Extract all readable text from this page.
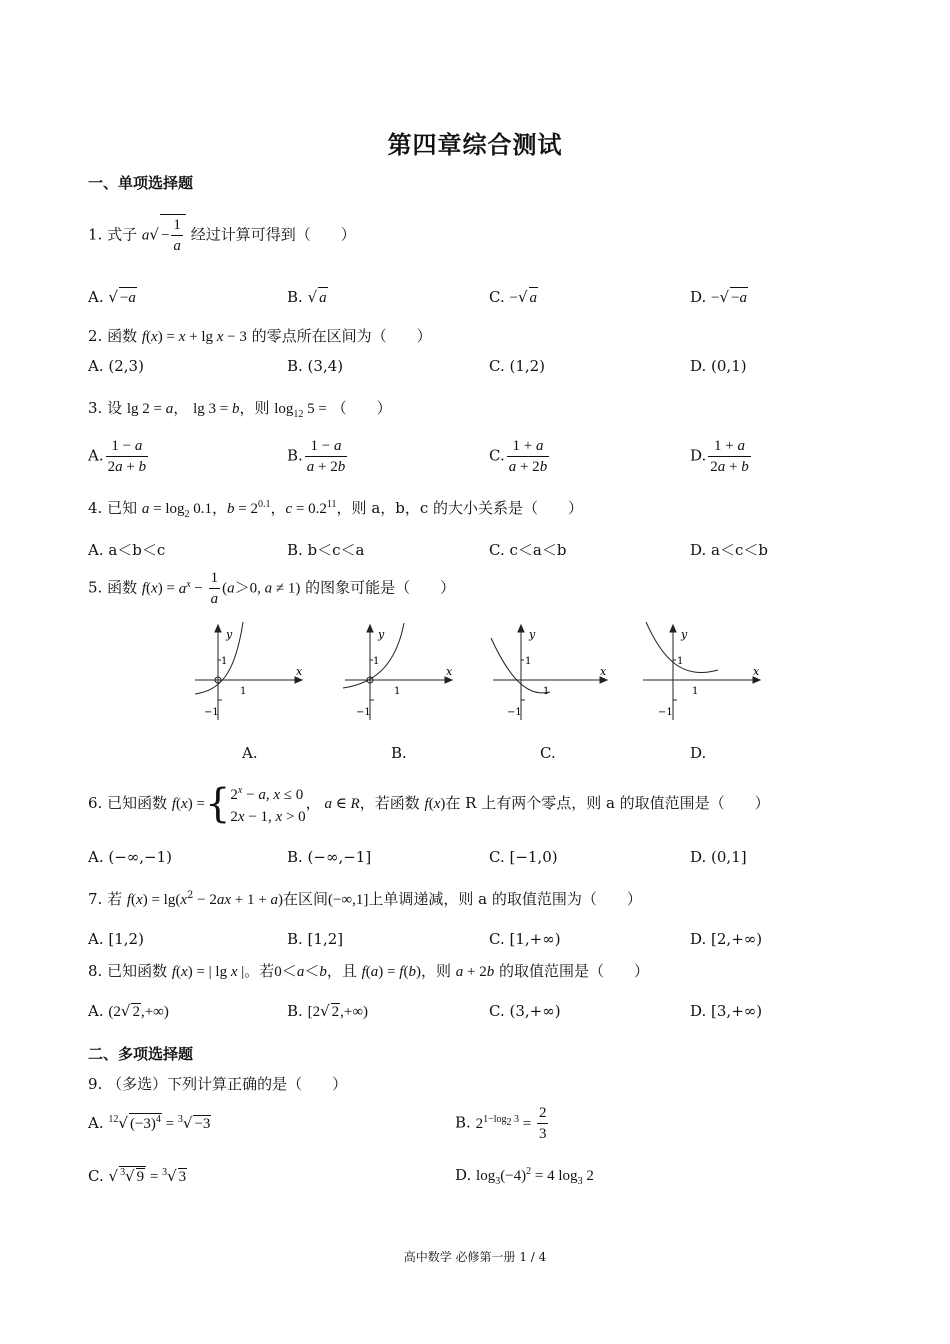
第四章综合测试
一、单项选择题
1. 式子 $a√ - \frac{1}{a}$ 经过计算可得到（　　）
A. √ −a	B. √ a	C. −√ a	D. −√ −a
2. 函数 f(x) = x + lg x − 3 的零点所在区间为（　　）
A. (2,3)	B. (3,4)	C. (1,2)	D. (0,1)
3. 设 lg 2 = a， lg 3 = b，则 $\log_{12} 5$ = （　　）
A. $\frac{1 - a}{2a + b}$	B. $\frac{1 - a}{a + 2b}$	C. $\frac{1 + a}{a + 2b}$	D. $\frac{1 + a}{2a + b}$
4. 已知 $a = \log_2 0.1$，$b = 2^{0.1}$，$c = 0.2^{11}$，则 a，b，c 的大小关系是（　　）
A. a＜b＜c	B. b＜c＜a	C. c＜a＜b	D. a＜c＜b
5. 函数 $f(x) = a^x - \frac{1}{a} (a>0$, a ≠ 1) 的图象可能是（　　）
y
x
1
1
−1
y
x
1
1
−1
y
x
1
1
−1
y
x
1
1
−1
A.	B.	C.	D.
6. 已知函数 f(x) ={ $2^x - a$, x ≤ 0
2x − 1, x > 0
， a ∈ R，若函数 f(x)在 R 上有两个零点，则 a 的取值范围是（　　）
A. (−∞,−1)	B. (−∞,−1]	C. [−1,0)	D. (0,1]
7. 若 $f(x) = \lg(x^2 - 2ax + 1 + a)$在区间(−∞,1]上单调递减，则 a 的取值范围为（　　）
A. [1,2)	B. [1,2]	C. [1,+∞)	D. [2,+∞)
8. 已知函数 f(x) = | lg x |。若0＜a＜b，且 f(a) = f(b)，则 a + 2b 的取值范围是（　　）
A. (2√ 2,+∞)	B. [2√ 2,+∞)	C. (3,+∞)	D. [3,+∞)
二、多项选择题
9. （多选）下列计算正确的是（　　）
A. $^{12}$√ $(-3)^4 = ^3√ -3$	B. $2^{1-log_2 3} = \frac{2}{3}$
C. √ $^3$√ 9 = $^3$√ 3	D. $\log_3(-4)^2 = 4$ $\log_3 2$
高中数学 必修第一册 1 / 4
